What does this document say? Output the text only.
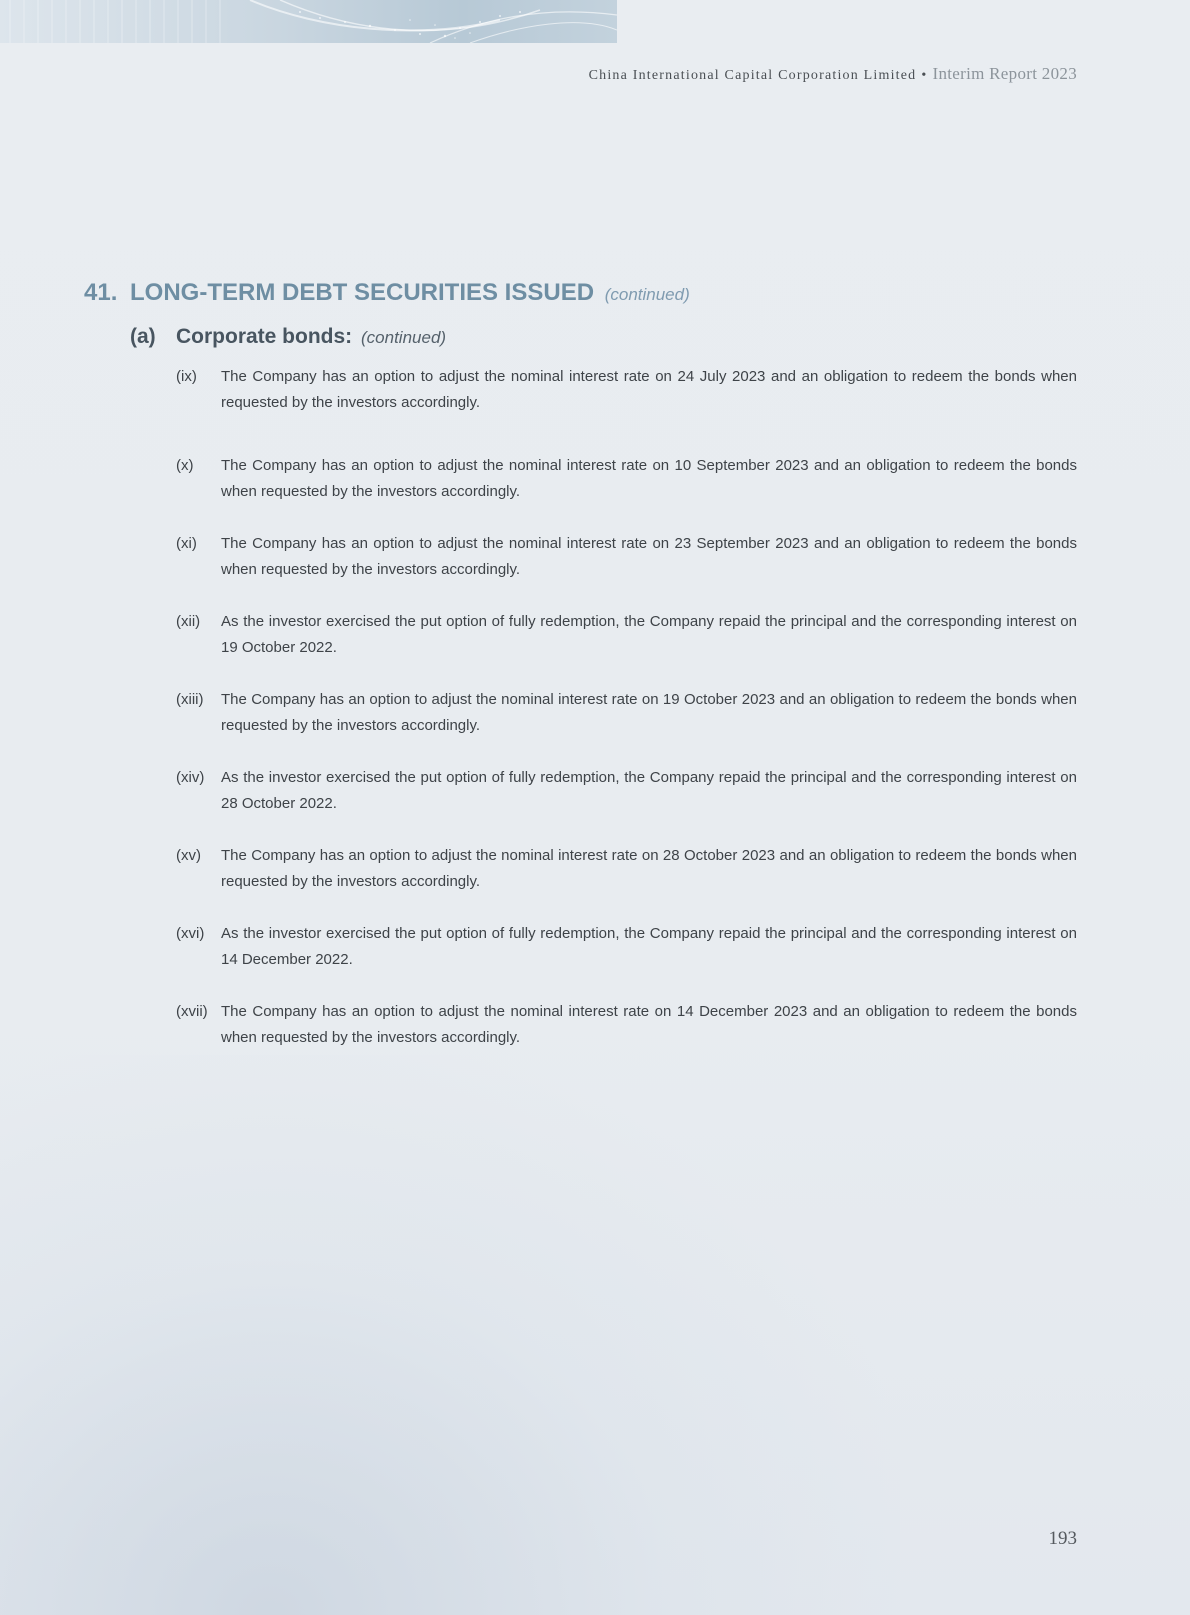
China International Capital Corporation Limited • Interim Report 2023
41. LONG-TERM DEBT SECURITIES ISSUED (continued)
(a) Corporate bonds: (continued)
(ix) The Company has an option to adjust the nominal interest rate on 24 July 2023 and an obligation to redeem the bonds when requested by the investors accordingly.
(x) The Company has an option to adjust the nominal interest rate on 10 September 2023 and an obligation to redeem the bonds when requested by the investors accordingly.
(xi) The Company has an option to adjust the nominal interest rate on 23 September 2023 and an obligation to redeem the bonds when requested by the investors accordingly.
(xii) As the investor exercised the put option of fully redemption, the Company repaid the principal and the corresponding interest on 19 October 2022.
(xiii) The Company has an option to adjust the nominal interest rate on 19 October 2023 and an obligation to redeem the bonds when requested by the investors accordingly.
(xiv) As the investor exercised the put option of fully redemption, the Company repaid the principal and the corresponding interest on 28 October 2022.
(xv) The Company has an option to adjust the nominal interest rate on 28 October 2023 and an obligation to redeem the bonds when requested by the investors accordingly.
(xvi) As the investor exercised the put option of fully redemption, the Company repaid the principal and the corresponding interest on 14 December 2022.
(xvii) The Company has an option to adjust the nominal interest rate on 14 December 2023 and an obligation to redeem the bonds when requested by the investors accordingly.
193
